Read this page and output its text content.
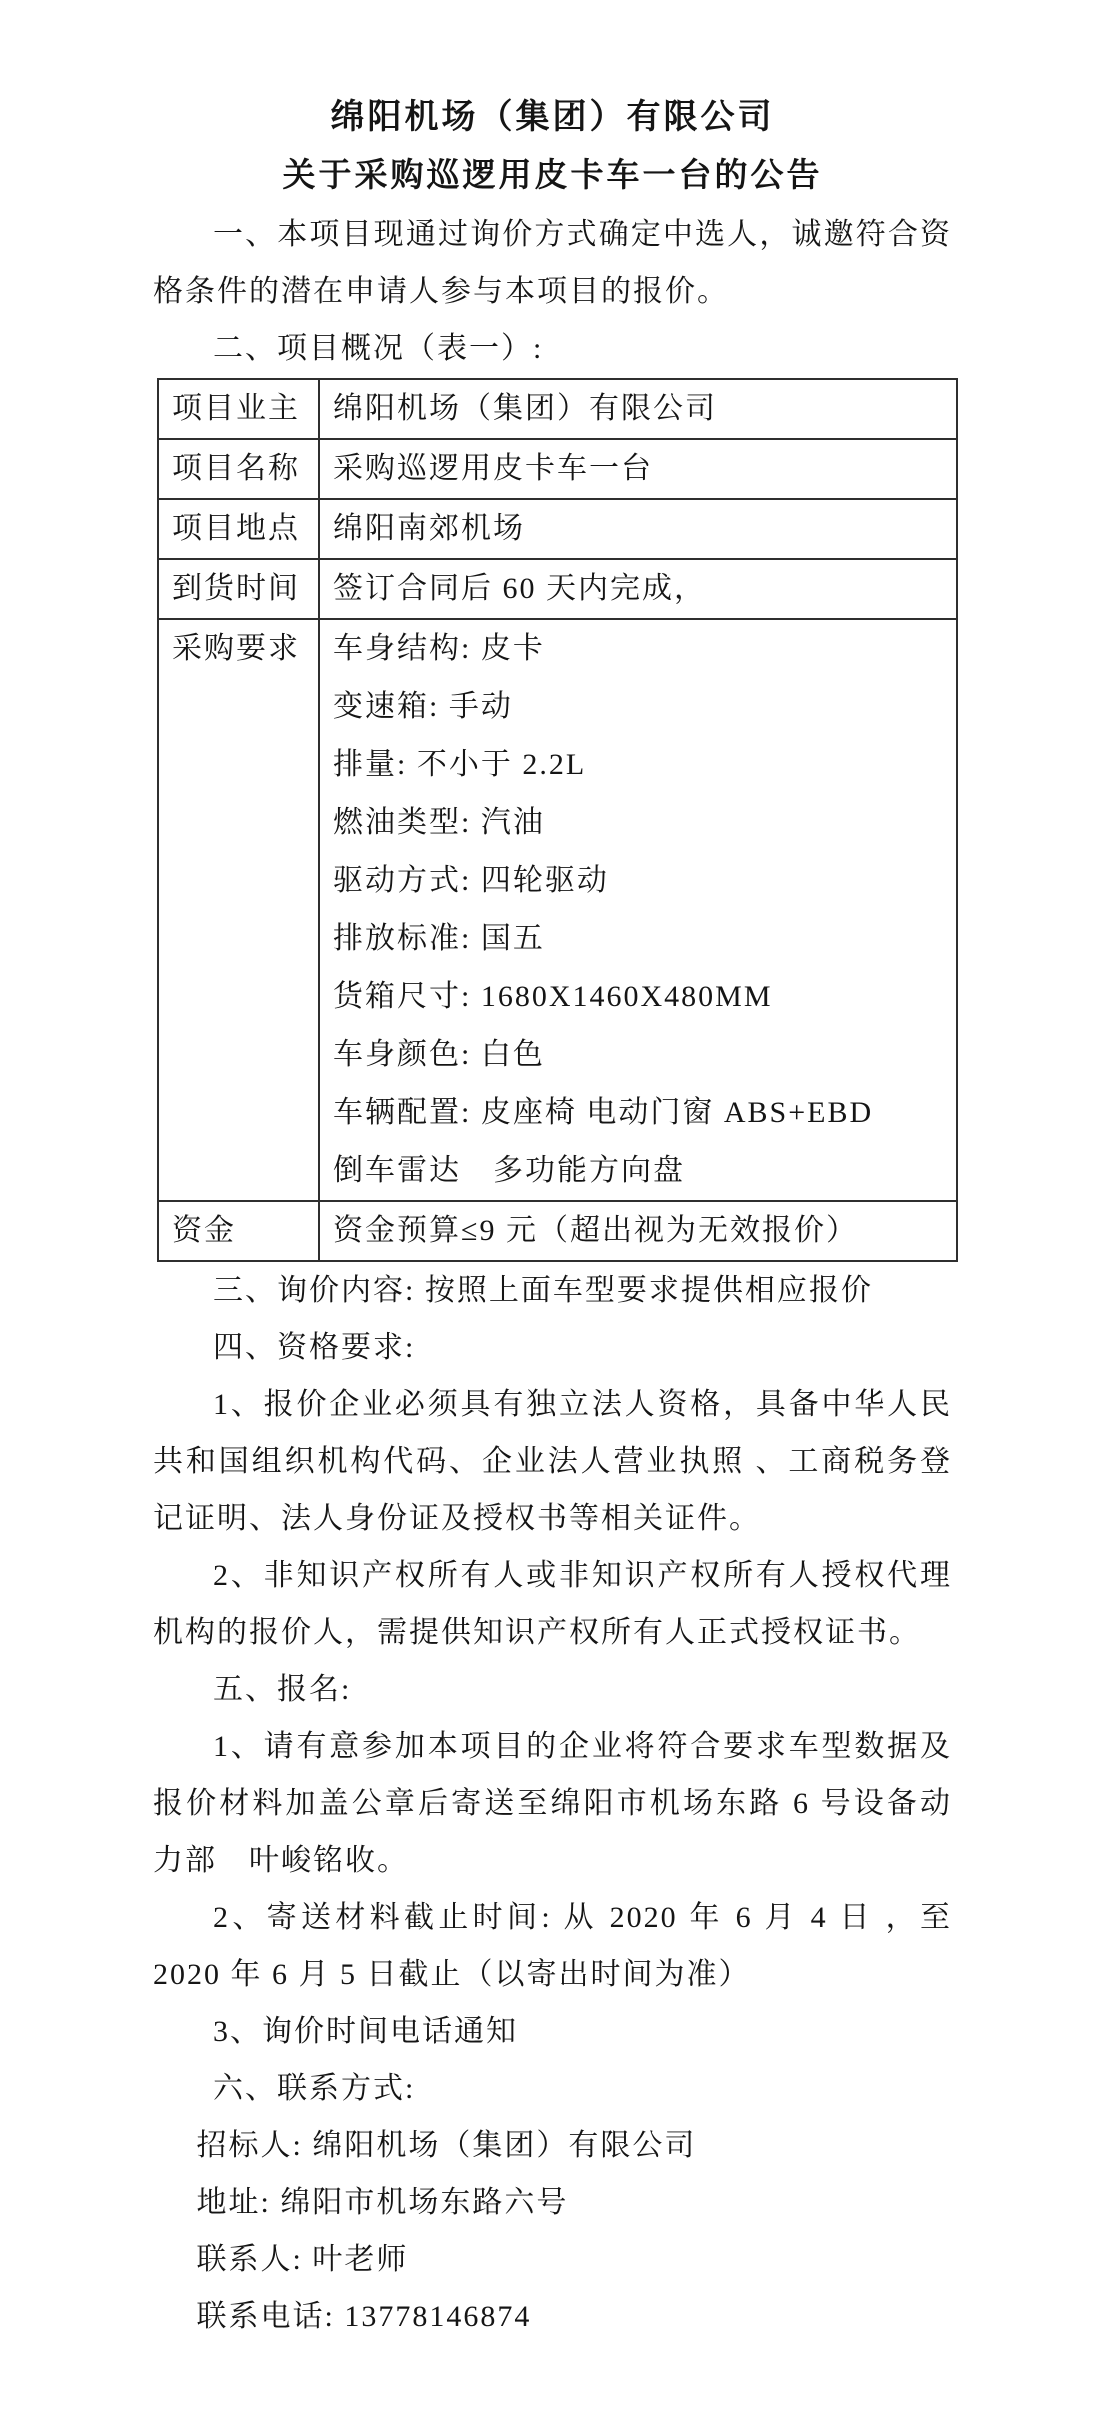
绵阳机场（集团）有限公司
关于采购巡逻用皮卡车一台的公告

一、本项目现通过询价方式确定中选人，诚邀符合资格条件的潜在申请人参与本项目的报价。

二、项目概况（表一）:

项目业主	绵阳机场（集团）有限公司
项目名称	采购巡逻用皮卡车一台
项目地点	绵阳南郊机场
到货时间	签订合同后 60 天内完成，
采购要求	车身结构: 皮卡
变速箱: 手动
排量: 不小于 2.2L
燃油类型: 汽油
驱动方式: 四轮驱动
排放标准: 国五
货箱尺寸: 1680X1460X480MM
车身颜色: 白色
车辆配置: 皮座椅 电动门窗 ABS+EBD
倒车雷达　多功能方向盘

资金	资金预算≤9 元（超出视为无效报价）

三、询价内容: 按照上面车型要求提供相应报价

四、资格要求:

1、报价企业必须具有独立法人资格，具备中华人民共和国组织机构代码、企业法人营业执照 、工商税务登记证明、法人身份证及授权书等相关证件。

2、非知识产权所有人或非知识产权所有人授权代理机构的报价人，需提供知识产权所有人正式授权证书。

五、报名:

1、请有意参加本项目的企业将符合要求车型数据及报价材料加盖公章后寄送至绵阳市机场东路 6 号设备动力部　叶峻铭收。

2、寄送材料截止时间: 从 2020 年 6 月 4 日 ，至 2020 年 6 月 5 日截止（以寄出时间为准）

3、询价时间电话通知

六、联系方式:

招标人: 绵阳机场（集团）有限公司

地址: 绵阳市机场东路六号

联系人: 叶老师

联系电话: 13778146874
